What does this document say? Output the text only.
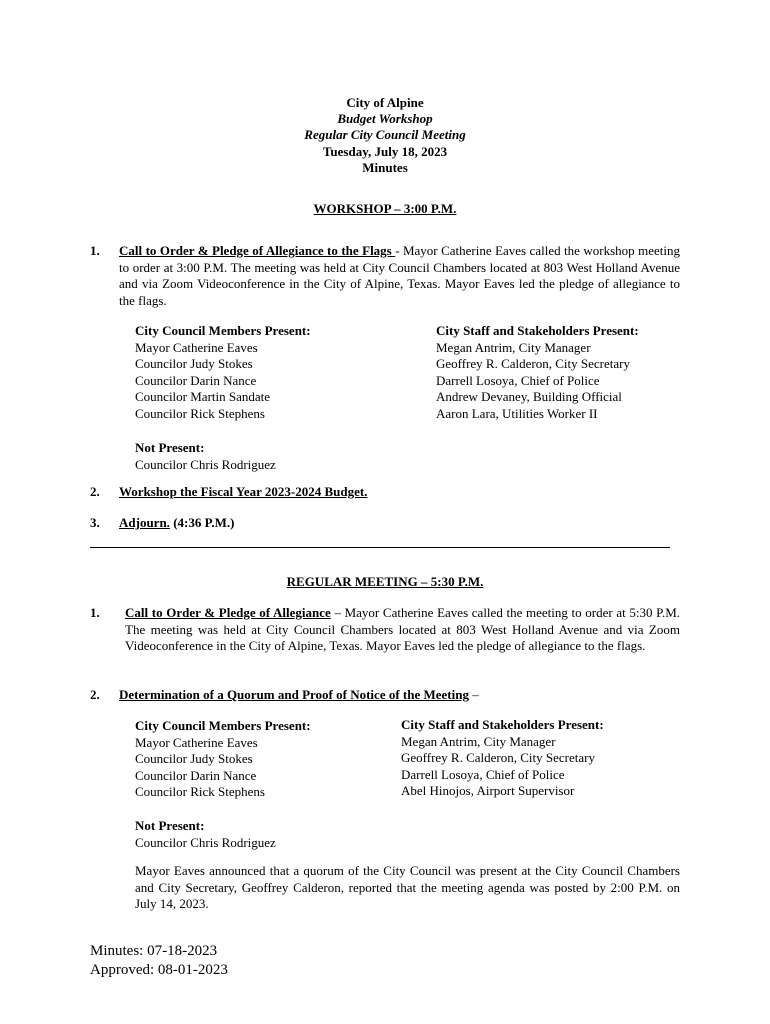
City of Alpine
Budget Workshop
Regular City Council Meeting
Tuesday, July 18, 2023
Minutes
WORKSHOP – 3:00 P.M.
1. Call to Order & Pledge of Allegiance to the Flags - Mayor Catherine Eaves called the workshop meeting to order at 3:00 P.M. The meeting was held at City Council Chambers located at 803 West Holland Avenue and via Zoom Videoconference in the City of Alpine, Texas. Mayor Eaves led the pledge of allegiance to the flags.
City Council Members Present:
Mayor Catherine Eaves
Councilor Judy Stokes
Councilor Darin Nance
Councilor Martin Sandate
Councilor Rick Stephens
City Staff and Stakeholders Present:
Megan Antrim, City Manager
Geoffrey R. Calderon, City Secretary
Darrell Losoya, Chief of Police
Andrew Devaney, Building Official
Aaron Lara, Utilities Worker II
Not Present:
Councilor Chris Rodriguez
2. Workshop the Fiscal Year 2023-2024 Budget.
3. Adjourn. (4:36 P.M.)
REGULAR MEETING – 5:30 P.M.
1. Call to Order & Pledge of Allegiance – Mayor Catherine Eaves called the meeting to order at 5:30 P.M. The meeting was held at City Council Chambers located at 803 West Holland Avenue and via Zoom Videoconference in the City of Alpine, Texas. Mayor Eaves led the pledge of allegiance to the flags.
2. Determination of a Quorum and Proof of Notice of the Meeting –
City Council Members Present:
Mayor Catherine Eaves
Councilor Judy Stokes
Councilor Darin Nance
Councilor Rick Stephens
City Staff and Stakeholders Present:
Megan Antrim, City Manager
Geoffrey R. Calderon, City Secretary
Darrell Losoya, Chief of Police
Abel Hinojos, Airport Supervisor
Not Present:
Councilor Chris Rodriguez
Mayor Eaves announced that a quorum of the City Council was present at the City Council Chambers and City Secretary, Geoffrey Calderon, reported that the meeting agenda was posted by 2:00 P.M. on July 14, 2023.
Minutes: 07-18-2023
Approved: 08-01-2023
